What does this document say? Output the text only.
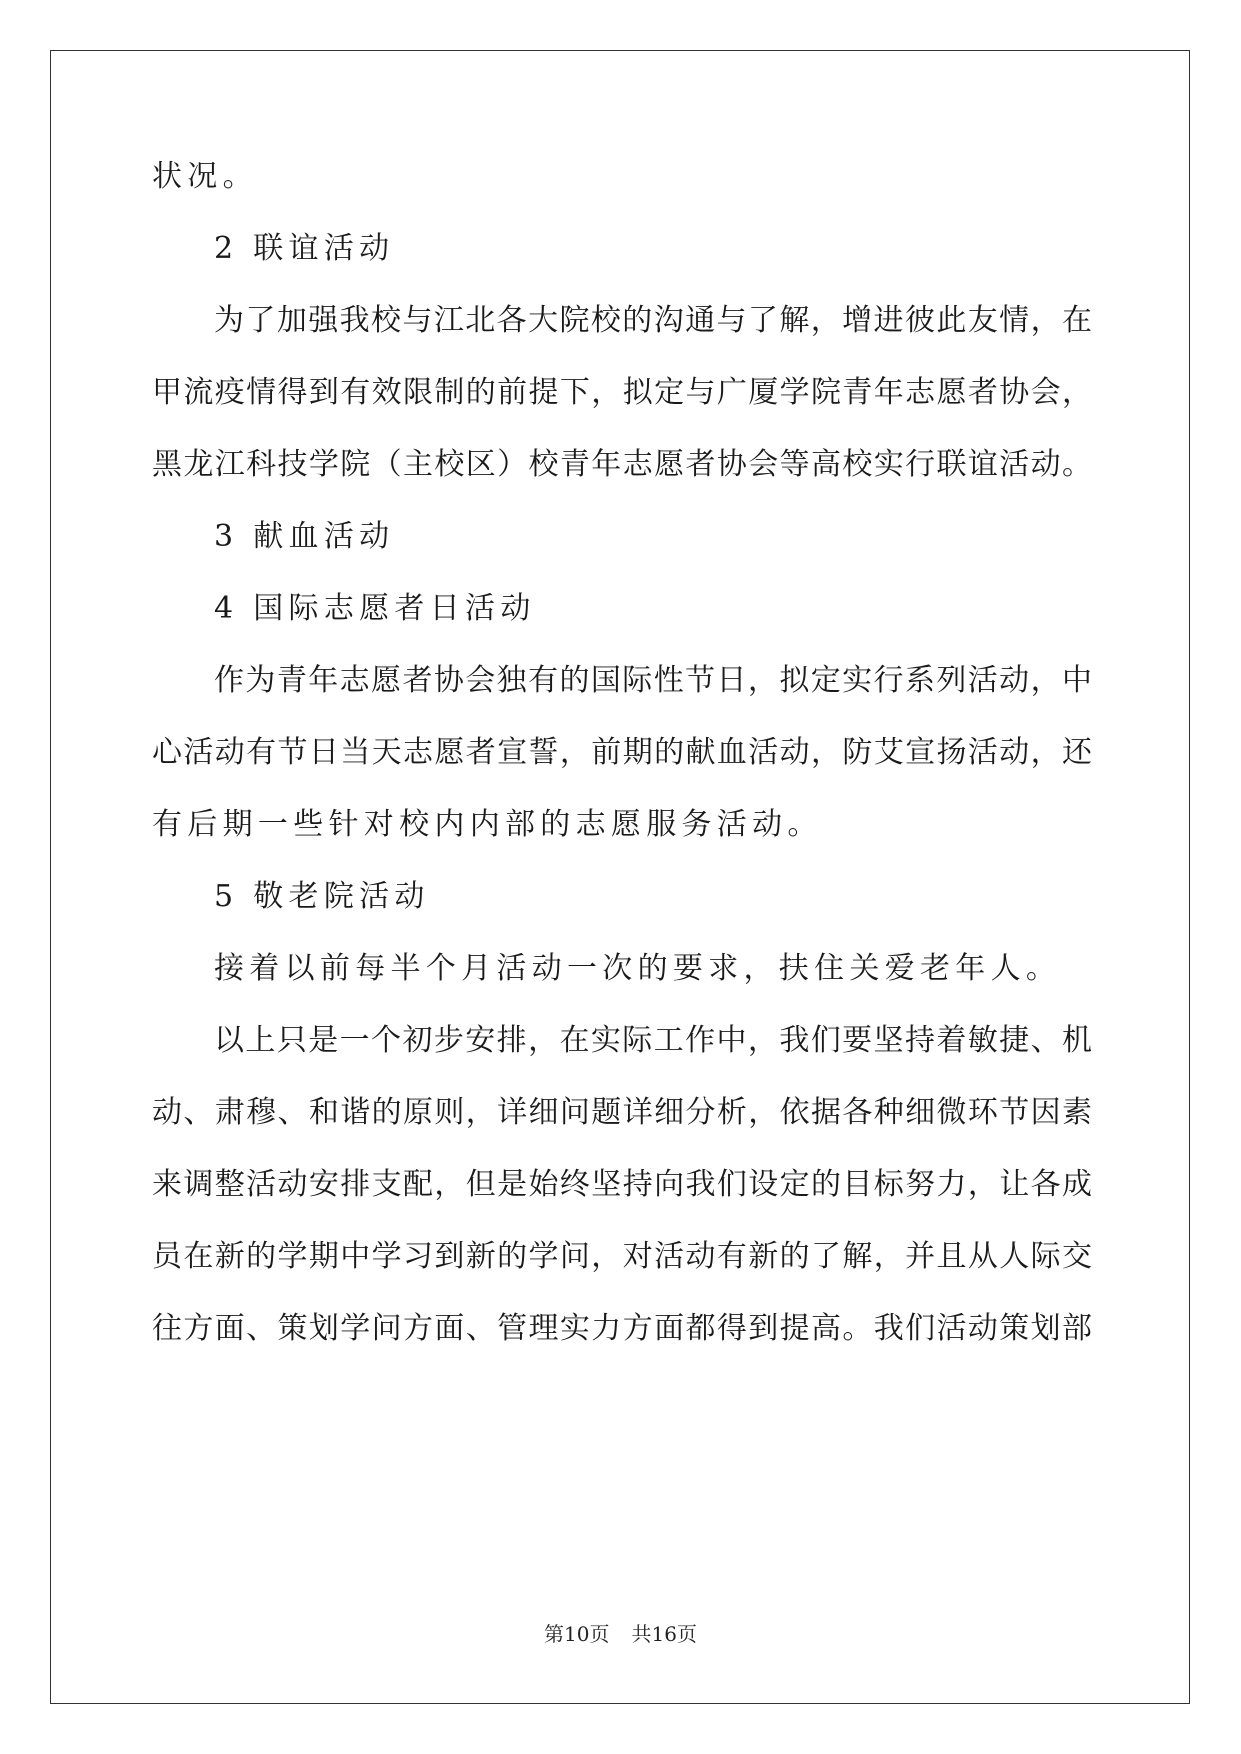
状况。
2 联谊活动
为了加强我校与江北各大院校的沟通与了解，增进彼此友情，在
甲流疫情得到有效限制的前提下，拟定与广厦学院青年志愿者协会，
黑龙江科技学院（主校区）校青年志愿者协会等高校实行联谊活动。
3 献血活动
4 国际志愿者日活动
作为青年志愿者协会独有的国际性节日，拟定实行系列活动，中
心活动有节日当天志愿者宣誓，前期的献血活动，防艾宣扬活动，还
有后期一些针对校内内部的志愿服务活动。
5 敬老院活动
接着以前每半个月活动一次的要求，扶住关爱老年人。
以上只是一个初步安排，在实际工作中，我们要坚持着敏捷、机
动、肃穆、和谐的原则，详细问题详细分析，依据各种细微环节因素
来调整活动安排支配，但是始终坚持向我们设定的目标努力，让各成
员在新的学期中学习到新的学问，对活动有新的了解，并且从人际交
往方面、策划学问方面、管理实力方面都得到提高。我们活动策划部
第10页 共16页
